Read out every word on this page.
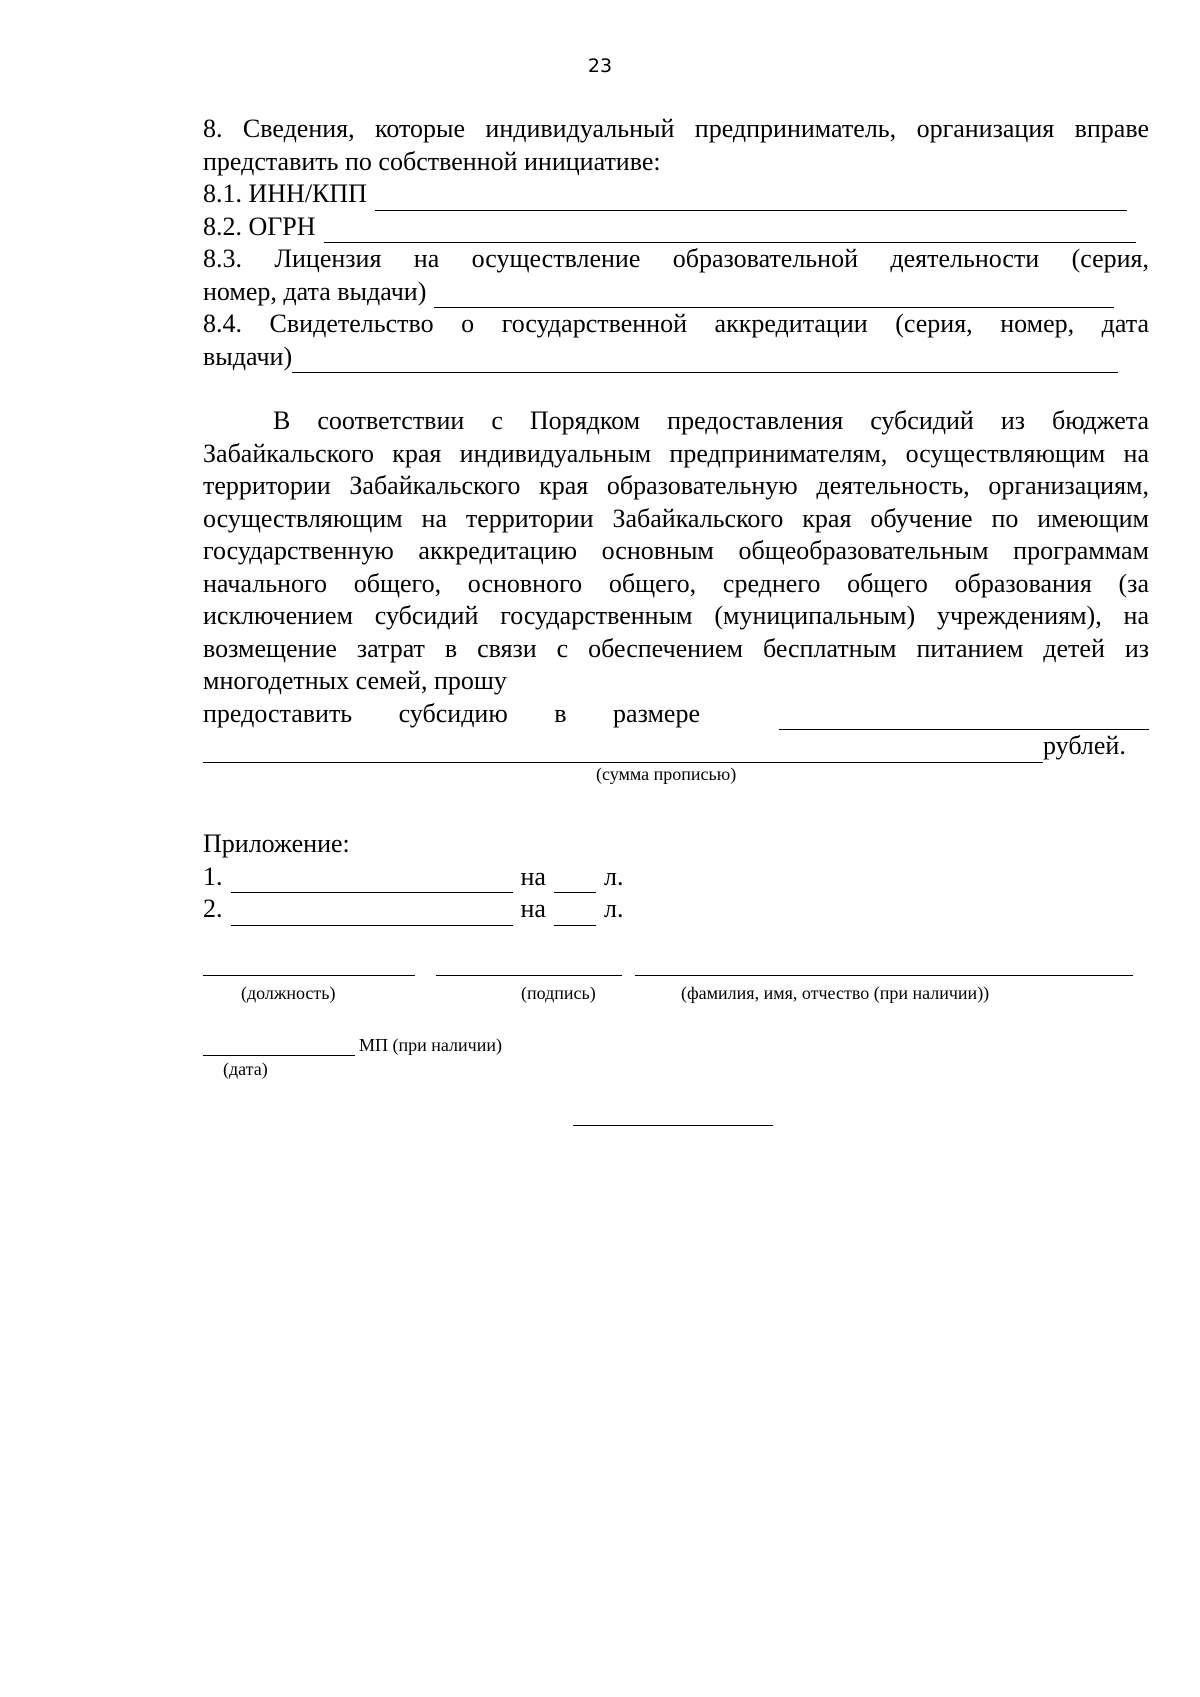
23
8. Сведения, которые индивидуальный предприниматель, организация вправе представить по собственной инициативе:
8.1. ИНН/КПП
8.2. ОГРН
8.3. Лицензия на осуществление образовательной деятельности (серия,
номер, дата выдачи)
8.4. Свидетельство о государственной аккредитации (серия, номер, дата
выдачи)
В соответствии с Порядком предоставления субсидий из бюджета Забайкальского края индивидуальным предпринимателям, осуществляющим на территории Забайкальского края образовательную деятельность, организациям, осуществляющим на территории Забайкальского края обучение по имеющим государственную аккредитацию основным общеобразовательным программам начального общего, основного общего, среднего общего образования (за исключением субсидий государственным (муниципальным) учреждениям), на возмещение затрат в связи с обеспечением бесплатным питанием детей из многодетных семей, прошу
предоставить субсидию в размере
рублей.
(сумма прописью)
Приложение:
1.	на л.
2.	на л.
(должность)	(подпись)	(фамилия, имя, отчество (при наличии))
МП (при наличии)
(дата)
